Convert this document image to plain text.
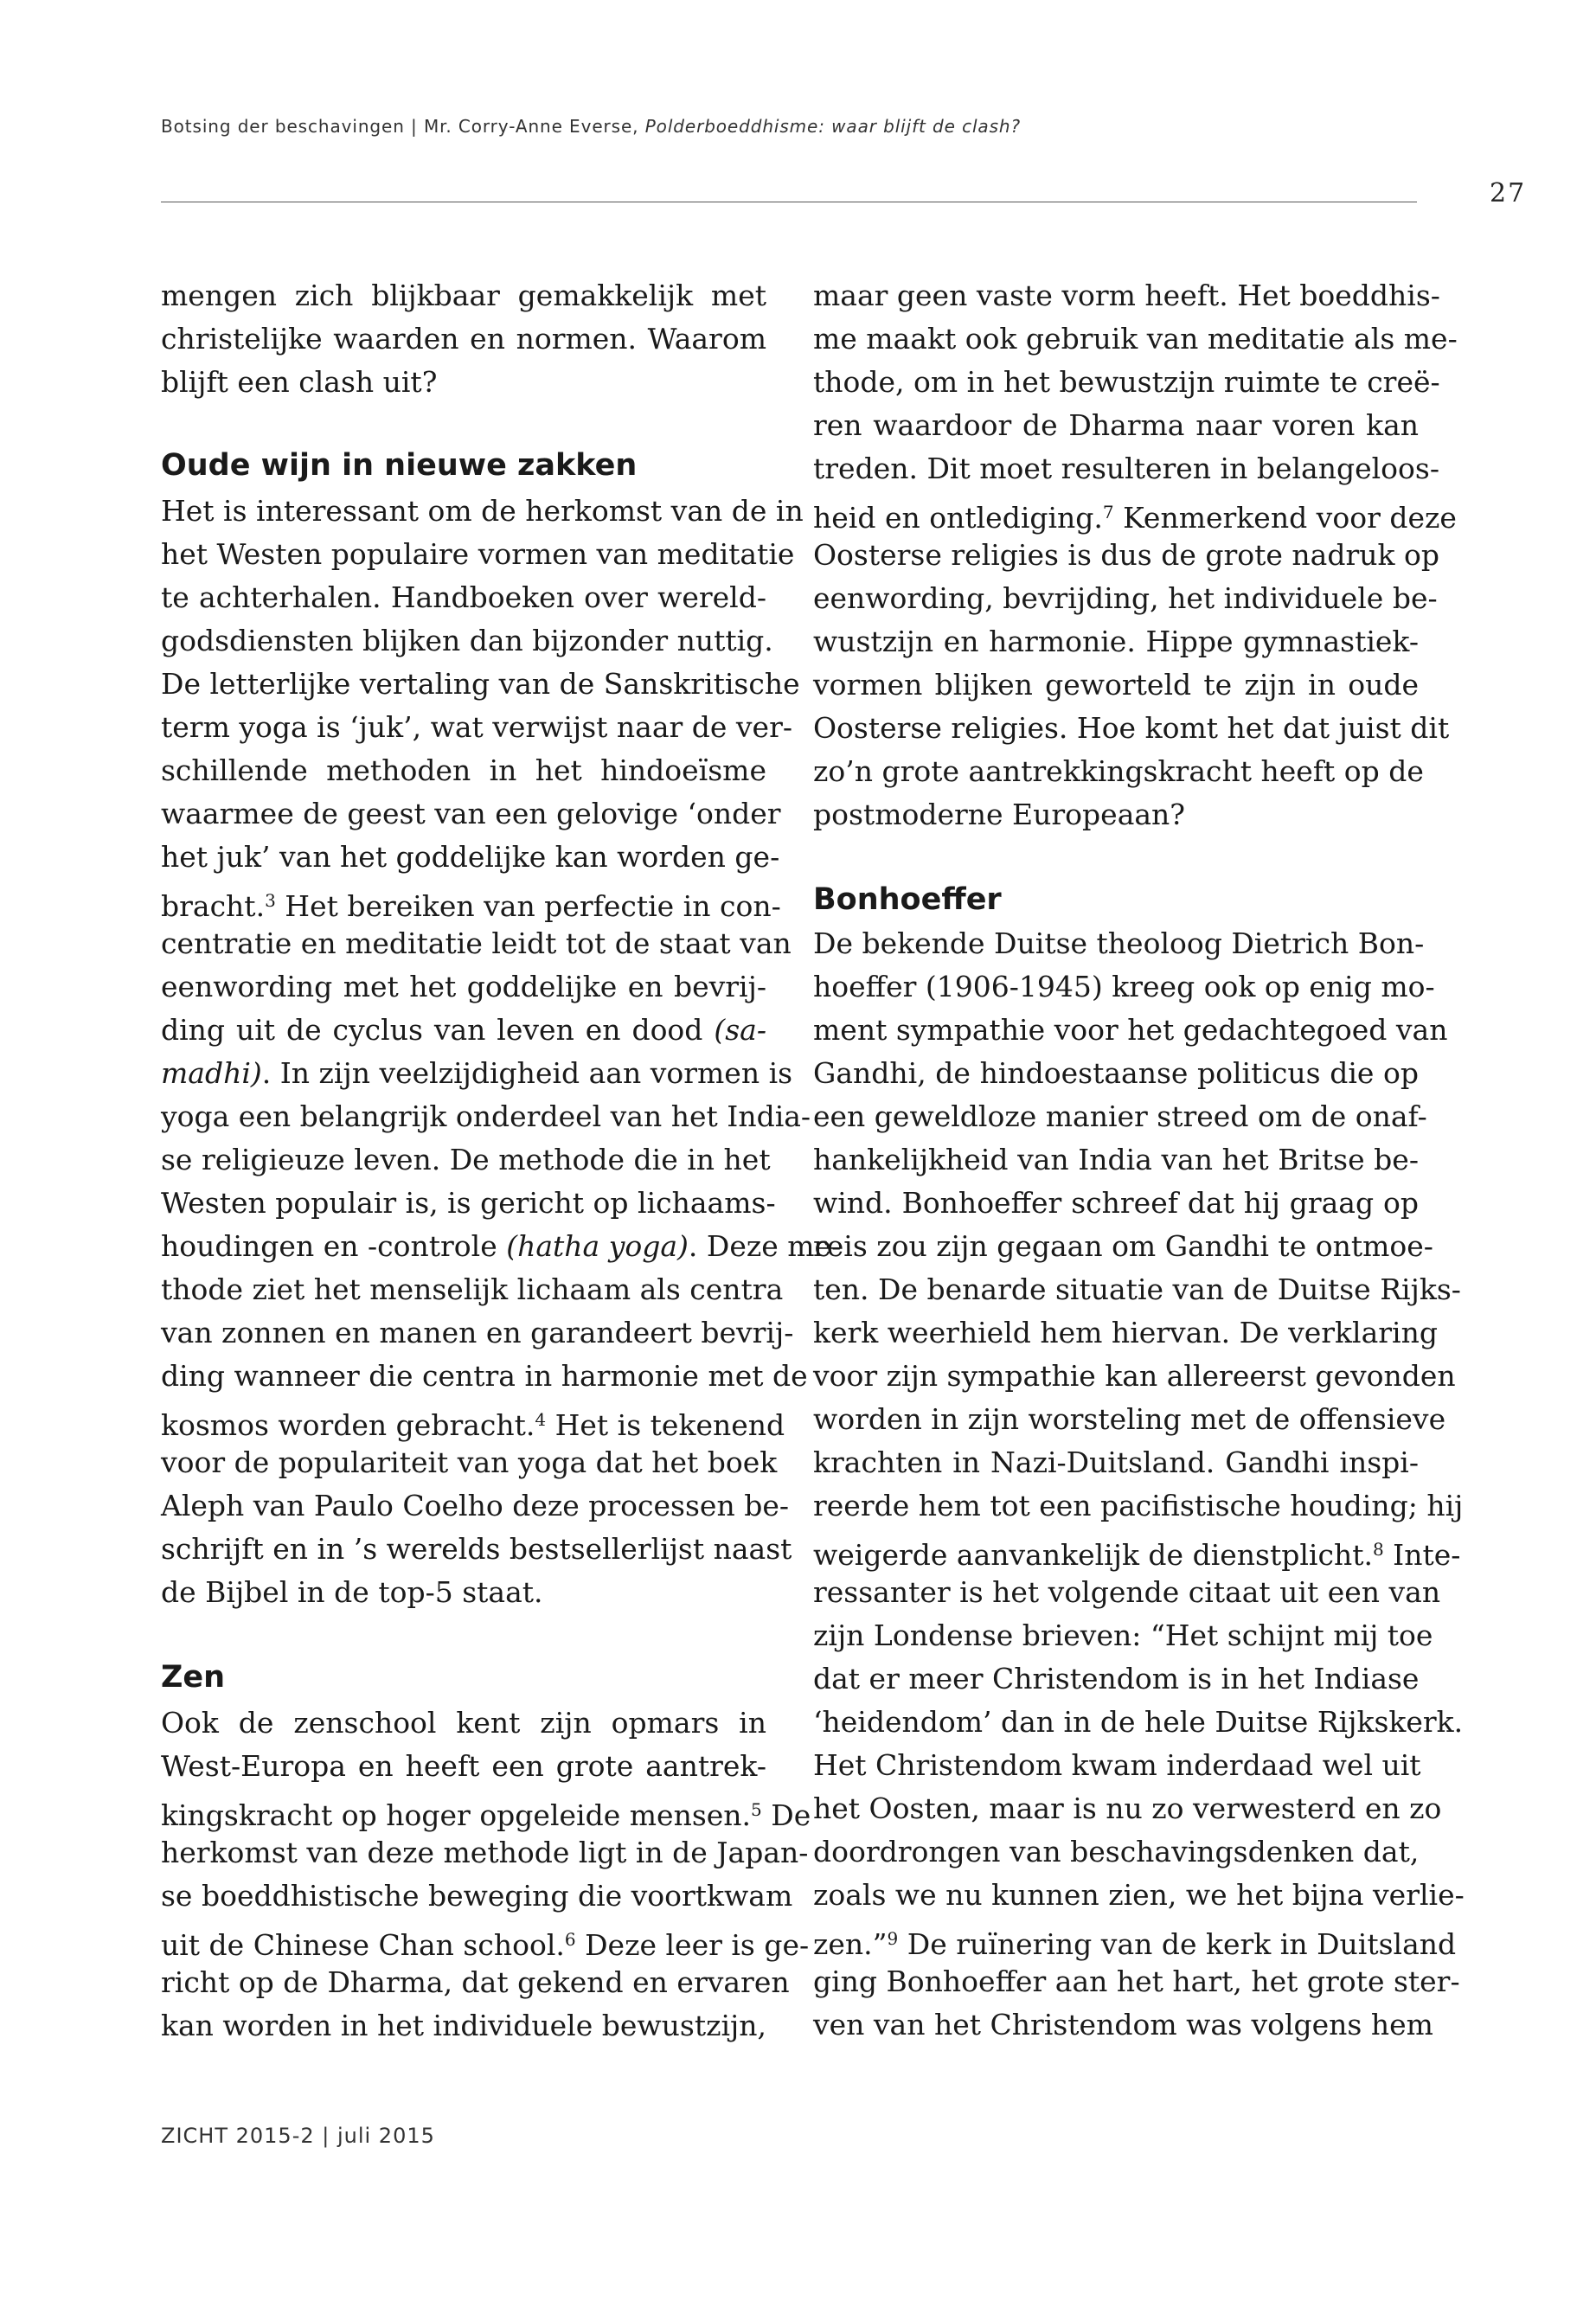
Botsing der beschavingen | Mr. Corry-Anne Everse, Polderboeddhisme: waar blijft de clash?
27
mengen zich blijkbaar gemakkelijk met
christelijke waarden en normen. Waarom
blijft een clash uit?
Oude wijn in nieuwe zakken
Het is interessant om de herkomst van de in
het Westen populaire vormen van meditatie
te achterhalen. Handboeken over wereld-
godsdiensten blijken dan bijzonder nuttig.
De letterlijke vertaling van de Sanskritische
term yoga is ‘juk’, wat verwijst naar de ver-
schillende methoden in het hindoeïsme
waarmee de geest van een gelovige ‘onder
het juk’ van het goddelijke kan worden ge-
bracht.$^3$ Het bereiken van perfectie in con-
centratie en meditatie leidt tot de staat van
eenwording met het goddelijke en bevrij-
ding uit de cyclus van leven en dood (sa-
madhi). In zijn veelzijdigheid aan vormen is
yoga een belangrijk onderdeel van het India-
se religieuze leven. De methode die in het
Westen populair is, is gericht op lichaams-
houdingen en -controle (hatha yoga). Deze me-
thode ziet het menselijk lichaam als centra
van zonnen en manen en garandeert bevrij-
ding wanneer die centra in harmonie met de
kosmos worden gebracht.$^4$ Het is tekenend
voor de populariteit van yoga dat het boek
Aleph van Paulo Coelho deze processen be-
schrijft en in ’s werelds bestsellerlijst naast
de Bijbel in de top-5 staat.
Zen
Ook de zenschool kent zijn opmars in
West-Europa en heeft een grote aantrek-
kingskracht op hoger opgeleide mensen.$^5$ De
herkomst van deze methode ligt in de Japan-
se boeddhistische beweging die voortkwam
uit de Chinese Chan school.$^6$ Deze leer is ge-
richt op de Dharma, dat gekend en ervaren
kan worden in het individuele bewustzijn,
maar geen vaste vorm heeft. Het boeddhis-
me maakt ook gebruik van meditatie als me-
thode, om in het bewustzijn ruimte te creë-
ren waardoor de Dharma naar voren kan
treden. Dit moet resulteren in belangeloos-
heid en ontlediging.$^7$ Kenmerkend voor deze
Oosterse religies is dus de grote nadruk op
eenwording, bevrijding, het individuele be-
wustzijn en harmonie. Hippe gymnastiek-
vormen blijken geworteld te zijn in oude
Oosterse religies. Hoe komt het dat juist dit
zo’n grote aantrekkingskracht heeft op de
postmoderne Europeaan?
Bonhoeffer
De bekende Duitse theoloog Dietrich Bon-
hoeffer (1906-1945) kreeg ook op enig mo-
ment sympathie voor het gedachtegoed van
Gandhi, de hindoestaanse politicus die op
een geweldloze manier streed om de onaf-
hankelijkheid van India van het Britse be-
wind. Bonhoeffer schreef dat hij graag op
reis zou zijn gegaan om Gandhi te ontmoe-
ten. De benarde situatie van de Duitse Rijks-
kerk weerhield hem hiervan. De verklaring
voor zijn sympathie kan allereerst gevonden
worden in zijn worsteling met de offensieve
krachten in Nazi-Duitsland. Gandhi inspi-
reerde hem tot een pacifistische houding; hij
weigerde aanvankelijk de dienstplicht.$^8$ Inte-
ressanter is het volgende citaat uit een van
zijn Londense brieven: “Het schijnt mij toe
dat er meer Christendom is in het Indiase
‘heidendom’ dan in de hele Duitse Rijkskerk.
Het Christendom kwam inderdaad wel uit
het Oosten, maar is nu zo verwesterd en zo
doordrongen van beschavingsdenken dat,
zoals we nu kunnen zien, we het bijna verlie-
zen.”$^9$ De ruïnering van de kerk in Duitsland
ging Bonhoeffer aan het hart, het grote ster-
ven van het Christendom was volgens hem
ZICHT 2015-2 | juli 2015
